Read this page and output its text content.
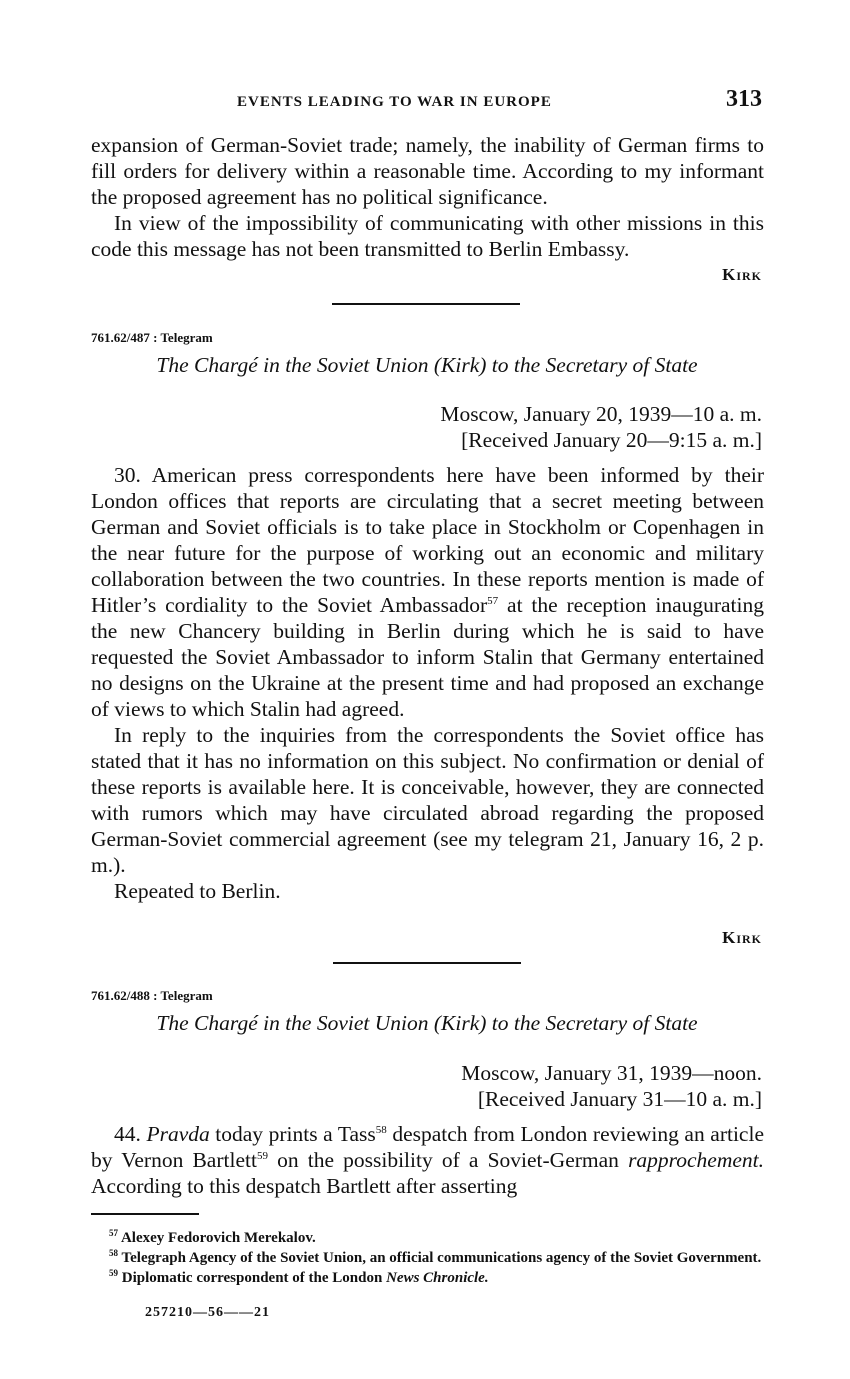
EVENTS LEADING TO WAR IN EUROPE	313

expansion of German-Soviet trade; namely, the inability of German firms to fill orders for delivery within a reasonable time. According to my informant the proposed agreement has no political significance.

In view of the impossibility of communicating with other missions in this code this message has not been transmitted to Berlin Embassy.

Kirk
761.62/487 : Telegram
The Chargé in the Soviet Union (Kirk) to the Secretary of State
Moscow, January 20, 1939—10 a. m.
[Received January 20—9:15 a. m.]

30. American press correspondents here have been informed by their London offices that reports are circulating that a secret meeting between German and Soviet officials is to take place in Stockholm or Copenhagen in the near future for the purpose of working out an economic and military collaboration between the two countries. In these reports mention is made of Hitler’s cordiality to the Soviet Ambassador$^{57}$ at the reception inaugurating the new Chancery building in Berlin during which he is said to have requested the Soviet Ambassador to inform Stalin that Germany entertained no designs on the Ukraine at the present time and had proposed an exchange of views to which Stalin had agreed.

In reply to the inquiries from the correspondents the Soviet office has stated that it has no information on this subject. No confirmation or denial of these reports is available here. It is conceivable, however, they are connected with rumors which may have circulated abroad regarding the proposed German-Soviet commercial agreement (see my telegram 21, January 16, 2 p. m.).

Repeated to Berlin.

Kirk
761.62/488 : Telegram
The Chargé in the Soviet Union (Kirk) to the Secretary of State
Moscow, January 31, 1939—noon.
[Received January 31—10 a. m.]

44. Pravda today prints a Tass$^{58}$ despatch from London reviewing an article by Vernon Bartlett$^{59}$ on the possibility of a Soviet-German rapprochement. According to this despatch Bartlett after asserting

$^{57}$ Alexey Fedorovich Merekalov.

$^{58}$ Telegraph Agency of the Soviet Union, an official communications agency of the Soviet Government.

$^{59}$ Diplomatic correspondent of the London News Chronicle.

257210—56——21
